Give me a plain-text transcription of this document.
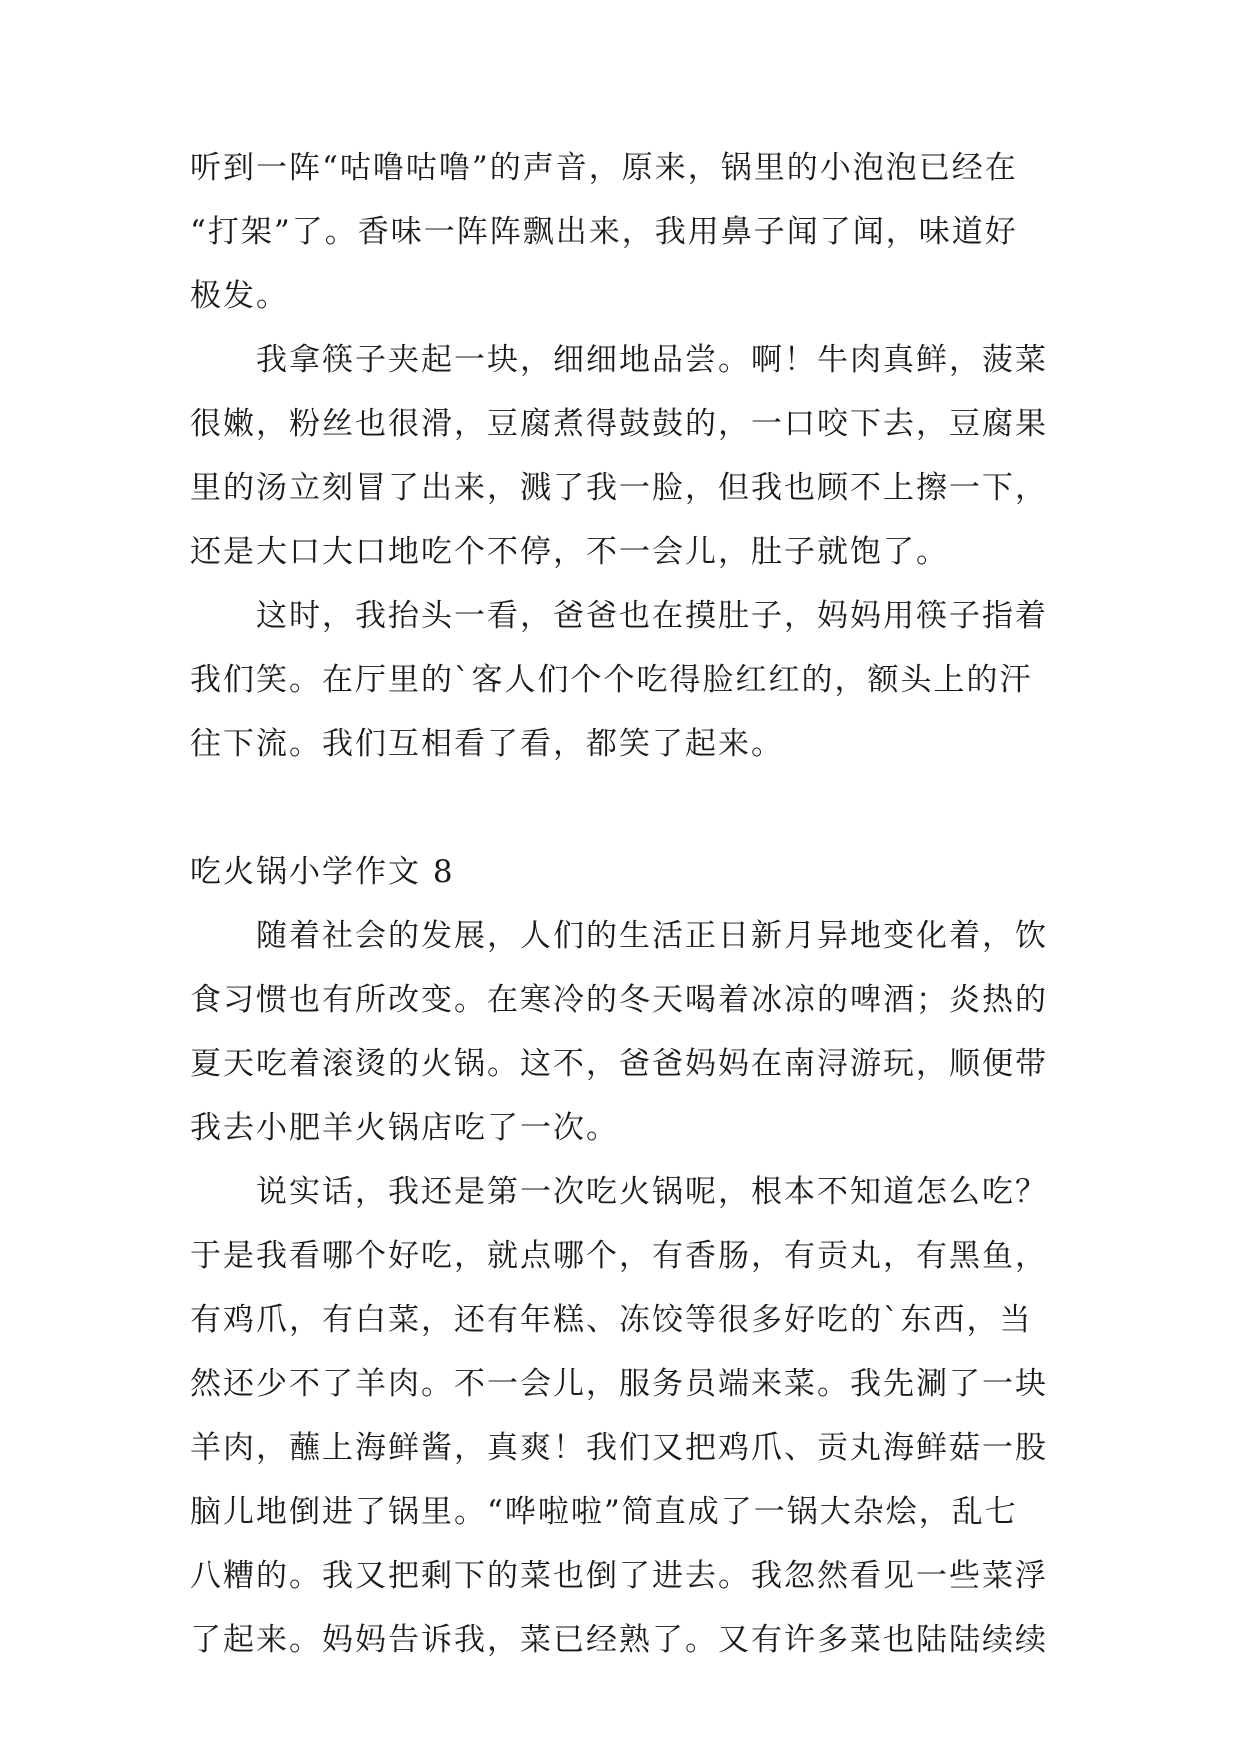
听到一阵“咕噜咕噜”的声音，原来，锅里的小泡泡已经在
“打架”了。香味一阵阵飘出来，我用鼻子闻了闻，味道好
极发。
我拿筷子夹起一块，细细地品尝。啊！牛肉真鲜，菠菜
很嫩，粉丝也很滑，豆腐煮得鼓鼓的，一口咬下去，豆腐果
里的汤立刻冒了出来，溅了我一脸，但我也顾不上擦一下，
还是大口大口地吃个不停，不一会儿，肚子就饱了。
这时，我抬头一看，爸爸也在摸肚子，妈妈用筷子指着
我们笑。在厅里的`客人们个个吃得脸红红的，额头上的汗
往下流。我们互相看了看，都笑了起来。
吃火锅小学作文 8
随着社会的发展，人们的生活正日新月异地变化着，饮
食习惯也有所改变。在寒冷的冬天喝着冰凉的啤酒；炎热的
夏天吃着滚烫的火锅。这不，爸爸妈妈在南浔游玩，顺便带
我去小肥羊火锅店吃了一次。
说实话，我还是第一次吃火锅呢，根本不知道怎么吃？
于是我看哪个好吃，就点哪个，有香肠，有贡丸，有黑鱼，
有鸡爪，有白菜，还有年糕、冻饺等很多好吃的`东西，当
然还少不了羊肉。不一会儿，服务员端来菜。我先涮了一块
羊肉，蘸上海鲜酱，真爽！我们又把鸡爪、贡丸海鲜菇一股
脑儿地倒进了锅里。“哗啦啦”简直成了一锅大杂烩，乱七
八糟的。我又把剩下的菜也倒了进去。我忽然看见一些菜浮
了起来。妈妈告诉我，菜已经熟了。又有许多菜也陆陆续续
